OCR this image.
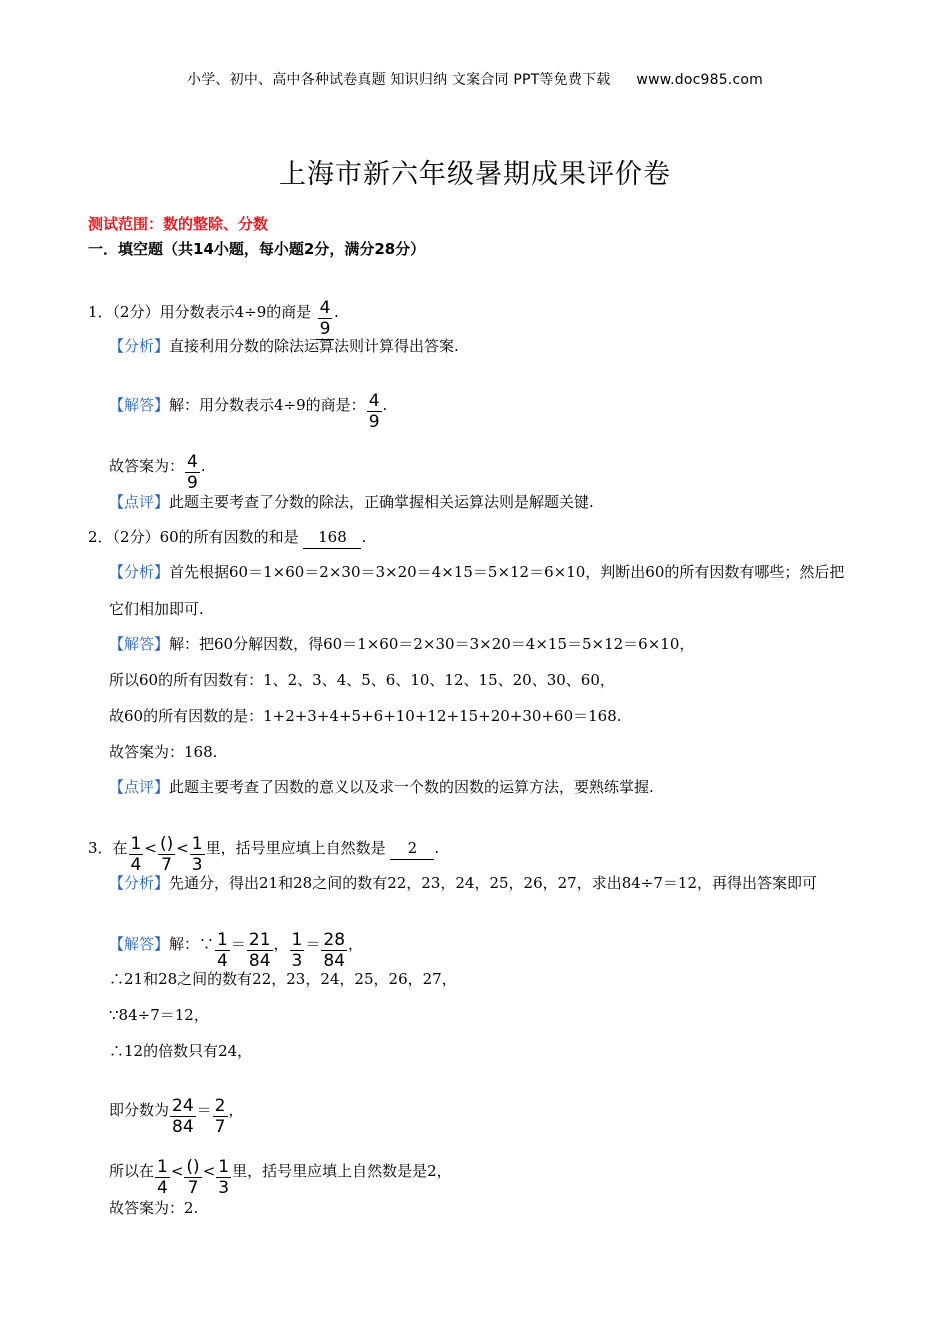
小学、初中、高中各种试卷真题 知识归纳 文案合同 PPT等免费下载 www.doc985.com
上海市新六年级暑期成果评价卷
测试范围：数的整除、分数
一．填空题（共14小题，每小题2分，满分28分）
1．（2分）用分数表示4÷9的商是 $\frac{4}{9}$ .
【分析】直接利用分数的除法运算法则计算得出答案.
【解答】解：用分数表示4÷9的商是： $\frac{4}{9}$ .
故答案为： $\frac{4}{9}$ .
【点评】此题主要考查了分数的除法，正确掌握相关运算法则是解题关键.
2．（2分）60的所有因数的和是 168 .
【分析】首先根据60＝1×60＝2×30＝3×20＝4×15＝5×12＝6×10，判断出60的所有因数有哪些；然后把
它们相加即可.
【解答】解：把60分解因数，得60＝1×60＝2×30＝3×20＝4×15＝5×12＝6×10，
所以60的所有因数有：1、2、3、4、5、6、10、12、15、20、30、60，
故60的所有因数的是：1+2+3+4+5+6+10+12+15+20+30+60＝168.
故答案为：168.
【点评】此题主要考查了因数的意义以及求一个数的因数的运算方法，要熟练掌握.
3．在 $\frac{1}{4} < \frac{()}{7} < \frac{1}{3}$ 里，括号里应填上自然数是 2 .
【分析】先通分，得出21和28之间的数有22，23，24，25，26，27，求出84÷7＝12，再得出答案即可
【解答】解：∵ $\frac{1}{4} = \frac{21}{84}$ ， $\frac{1}{3} = \frac{28}{84}$ ，
∴21和28之间的数有22，23，24，25，26，27，
∵84÷7＝12，
∴12的倍数只有24，
即分数为 $\frac{24}{84} = \frac{2}{7}$ ，
所以在 $\frac{1}{4} < \frac{()}{7} < \frac{1}{3}$ 里，括号里应填上自然数是是2，
故答案为：2.
